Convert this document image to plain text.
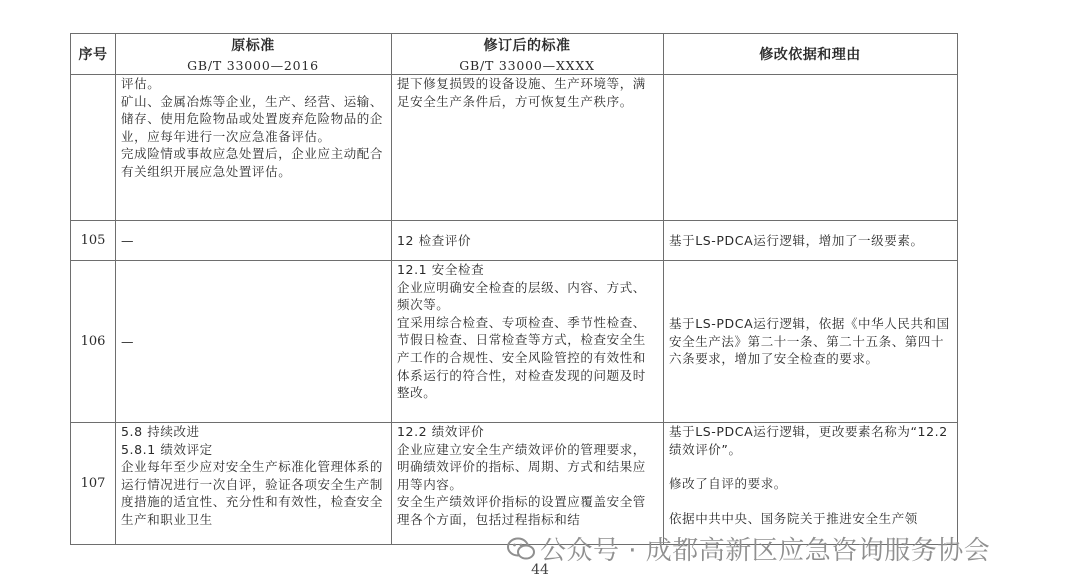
序号
原标准
GB/T 33000—2016
修订后的标准
GB/T 33000—XXXX
修改依据和理由

评估。

矿山、金属冶炼等企业，生产、经营、运输、储存、使用危险物品或处置废弃危险物品的企业，应每年进行一次应急准备评估。

完成险情或事故应急处置后，企业应主动配合有关组织开展应急处置评估。

提下修复损毁的设备设施、生产环境等，满足安全生产条件后，方可恢复生产秩序。

105 —	12 检查评价	基于LS-PDCA运行逻辑，增加了一级要素。

106 —

12.1 安全检查

企业应明确安全检查的层级、内容、方式、频次等。

宜采用综合检查、专项检查、季节性检查、节假日检查、日常检查等方式，检查安全生产工作的合规性、安全风险管控的有效性和体系运行的符合性，对检查发现的问题及时整改。

基于LS-PDCA运行逻辑，依据《中华人民共和国安全生产法》第二十一条、第二十五条、第四十六条要求，增加了安全检查的要求。

107

5.8 持续改进

5.8.1 绩效评定

企业每年至少应对安全生产标准化管理体系的运行情况进行一次自评，验证各项安全生产制度措施的适宜性、充分性和有效性，检查安全生产和职业卫生

12.2 绩效评价

企业应建立安全生产绩效评价的管理要求，明确绩效评价的指标、周期、方式和结果应用等内容。

安全生产绩效评价指标的设置应覆盖安全管理各个方面，包括过程指标和结

基于LS-PDCA运行逻辑，更改要素名称为“12.2 绩效评价”。

修改了自评的要求。

依据中共中央、国务院关于推进安全生产领

公众号 · 成都高新区应急咨询服务协会
44
